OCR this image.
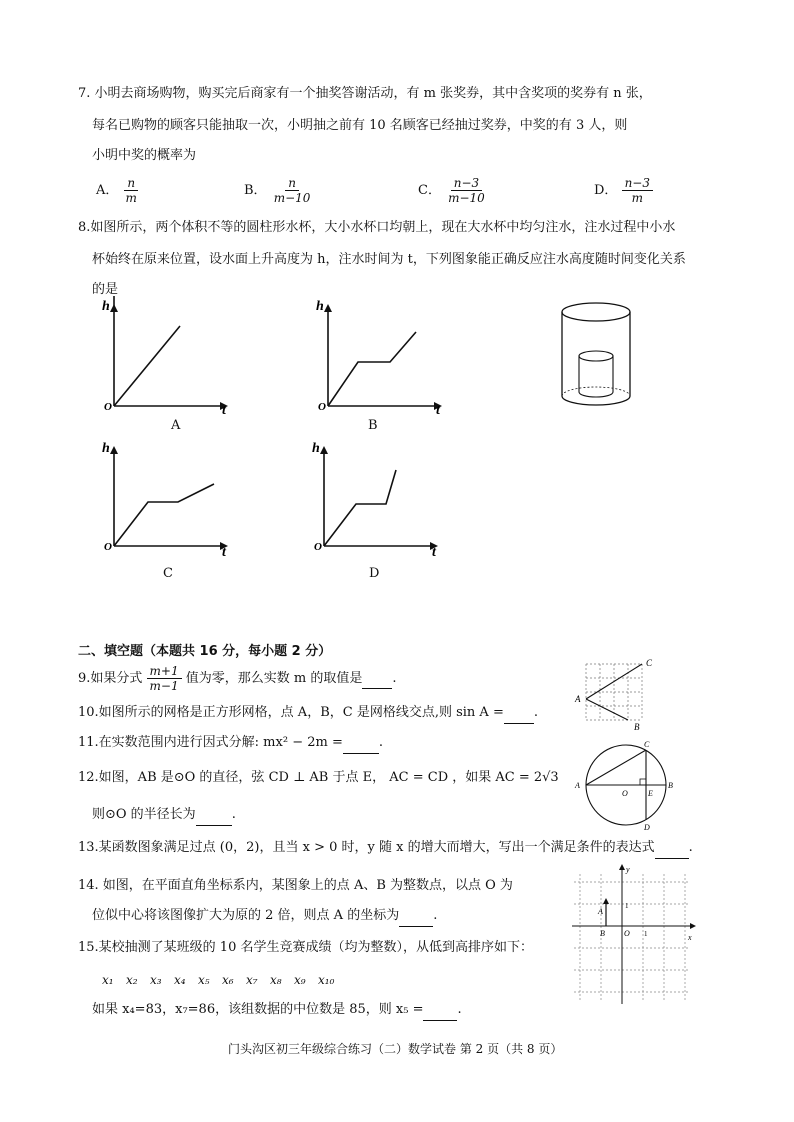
7. 小明去商场购物，购买完后商家有一个抽奖答谢活动，有 m 张奖券，其中含奖项的奖券有 n 张，
每名已购物的顾客只能抽取一次，小明抽之前有 10 名顾客已经抽过奖券，中奖的有 3 人，则
小明中奖的概率为
A． $\frac{n}{m}$	B． $\frac{n}{m-10}$	C． $\frac{n-3}{m-10}$	D． $\frac{n-3}{m}$
8.如图所示，两个体积不等的圆柱形水杯，大小水杯口均朝上，现在大水杯中均匀注水，注水过程中小水
杯始终在原来位置，设水面上升高度为 h，注水时间为 t，下列图象能正确反应注水高度随时间变化关系
的是
h
O	t
A
h
O	t
B
h
O	t
C
h
O	t
D
二、填空题（本题共 16 分，每小题 2 分）
9.如果分式 $\frac{m+1}{m-1}$ 值为零，那么实数 m 的取值是 .
10.如图所示的网格是正方形网格，点 A，B，C 是网格线交点,则 sin A = .
A
B
C
11.在实数范围内进行因式分解: mx² − 2m =	.
12.如图，AB 是⊙O 的直径，弦 CD ⊥ AB 于点 E， AC = CD ，如果 AC = 2√3
则⊙O 的半径长为	.
A	B
C
D
O	E
13.某函数图象满足过点 (0，2)，且当 x > 0 时，y 随 x 的增大而增大，写出一个满足条件的表达式	.
14. 如图，在平面直角坐标系内，某图象上的点 A、B 为整数点，以点 O 为
位似中心将该图像扩大为原的 2 倍，则点 A 的坐标为	.
y
x
A
B O
1
1
15.某校抽测了某班级的 10 名学生竞赛成绩（均为整数），从低到高排序如下：
x₁ x₂ x₃ x₄ x₅ x₆ x₇ x₈ x₉ x₁₀
如果 x₄=83，x₇=86，该组数据的中位数是 85，则 x₅ =	.
门头沟区初三年级综合练习（二）数学试卷 第 2 页（共 8 页）
